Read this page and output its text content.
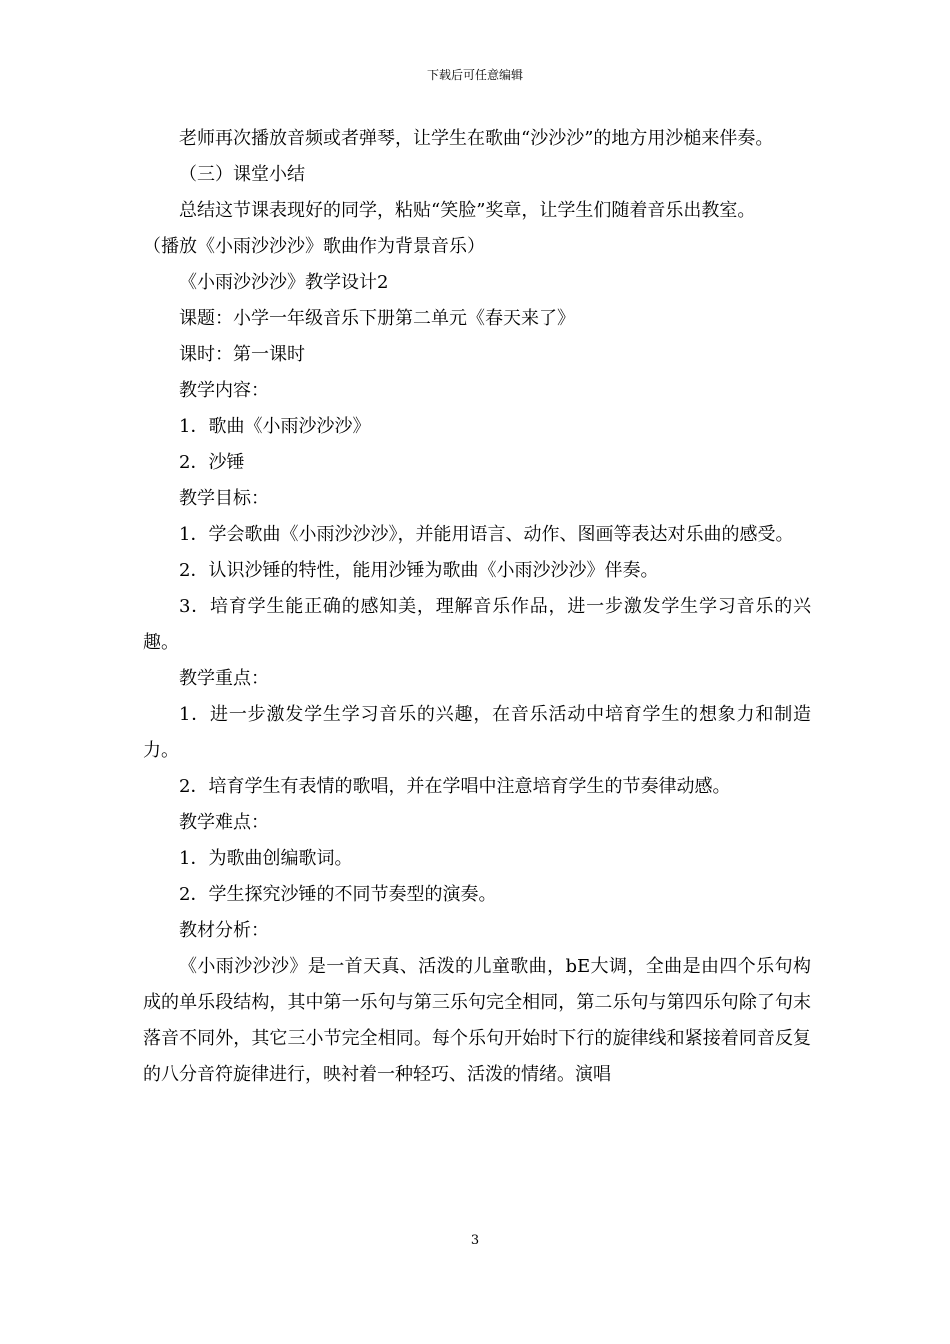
下载后可任意编辑

老师再次播放音频或者弹琴，让学生在歌曲“沙沙沙”的地方用沙槌来伴奏。

（三）课堂小结

总结这节课表现好的同学，粘贴“笑脸”奖章，让学生们随着音乐出教室。

（播放《小雨沙沙沙》歌曲作为背景音乐）

《小雨沙沙沙》教学设计2

课题：小学一年级音乐下册第二单元《春天来了》

课时：第一课时

教学内容：

1．歌曲《小雨沙沙沙》

2．沙锤

教学目标：

1．学会歌曲《小雨沙沙沙》，并能用语言、动作、图画等表达对乐曲的感受。

2．认识沙锤的特性，能用沙锤为歌曲《小雨沙沙沙》伴奏。

3．培育学生能正确的感知美，理解音乐作品，进一步激发学生学习音乐的兴趣。

教学重点：

1．进一步激发学生学习音乐的兴趣，在音乐活动中培育学生的想象力和制造力。

2．培育学生有表情的歌唱，并在学唱中注意培育学生的节奏律动感。

教学难点：

1．为歌曲创编歌词。

2．学生探究沙锤的不同节奏型的演奏。

教材分析：

《小雨沙沙沙》是一首天真、活泼的儿童歌曲，bE大调，全曲是由四个乐句构成的单乐段结构，其中第一乐句与第三乐句完全相同，第二乐句与第四乐句除了句末落音不同外，其它三小节完全相同。每个乐句开始时下行的旋律线和紧接着同音反复的八分音符旋律进行，映衬着一种轻巧、活泼的情绪。演唱

3
